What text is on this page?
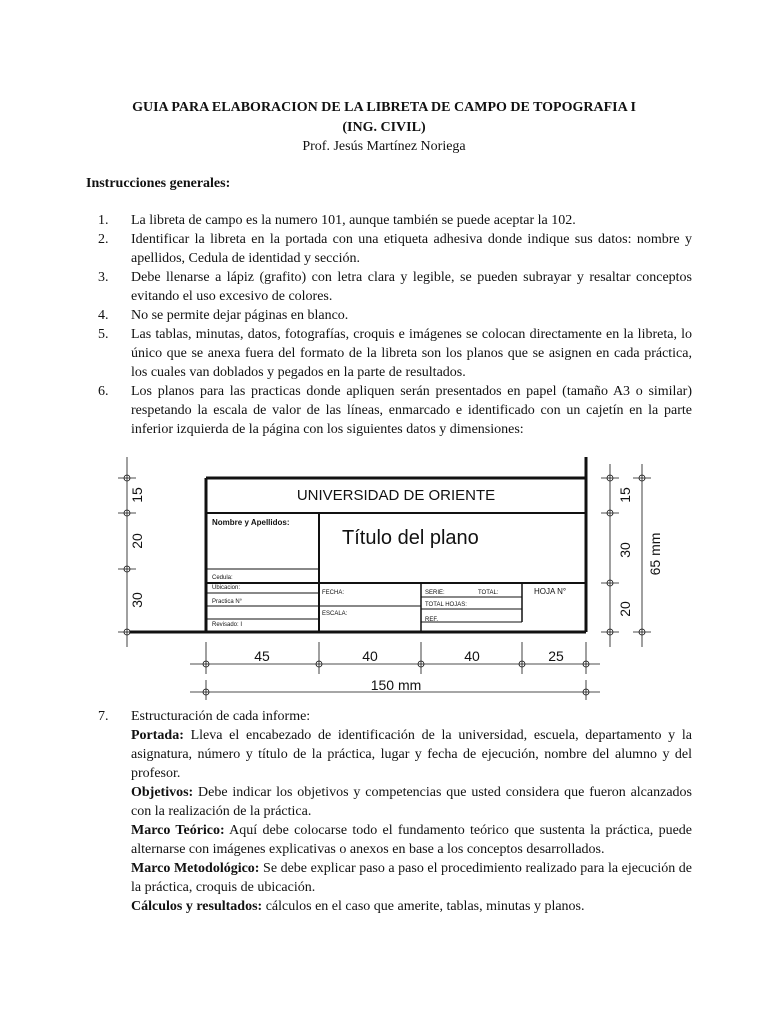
GUIA PARA ELABORACION DE LA LIBRETA DE CAMPO DE TOPOGRAFIA I
(ING. CIVIL)
Prof. Jesús Martínez Noriega
Instrucciones generales:
1. La libreta de campo es la numero 101, aunque también se puede aceptar la 102.
2. Identificar la libreta en la portada con una etiqueta adhesiva donde indique sus datos: nombre y apellidos, Cedula de identidad y sección.
3. Debe llenarse a lápiz (grafito) con letra clara y legible, se pueden subrayar y resaltar conceptos evitando el uso excesivo de colores.
4. No se permite dejar páginas en blanco.
5. Las tablas, minutas, datos, fotografías, croquis e imágenes se colocan directamente en la libreta, lo único que se anexa fuera del formato de la libreta son los planos que se asignen en cada práctica, los cuales van doblados y pegados en la parte de resultados.
6. Los planos para las practicas donde apliquen serán presentados en papel (tamaño A3 o similar) respetando la escala de valor de las líneas, enmarcado e identificado con un cajetín en la parte inferior izquierda de la página con los siguientes datos y dimensiones:
UNIVERSIDAD DE ORIENTE
Nombre y Apellidos:
Título del plano
Cedula:
Ubicacion:
Practica N°
Revisado: I
FECHA:
ESCALA:
SERIE:	TOTAL:
TOTAL HOJAS:
REF.
HOJA N°
15
20
30
15
30
20
65 mm
45	40	40	25
150 mm
7. Estructuración de cada informe:
Portada: Lleva el encabezado de identificación de la universidad, escuela, departamento y la asignatura, número y título de la práctica, lugar y fecha de ejecución, nombre del alumno y del profesor.
Objetivos: Debe indicar los objetivos y competencias que usted considera que fueron alcanzados con la realización de la práctica.
Marco Teórico: Aquí debe colocarse todo el fundamento teórico que sustenta la práctica, puede alternarse con imágenes explicativas o anexos en base a los conceptos desarrollados.
Marco Metodológico: Se debe explicar paso a paso el procedimiento realizado para la ejecución de la práctica, croquis de ubicación.
Cálculos y resultados: cálculos en el caso que amerite, tablas, minutas y planos.
